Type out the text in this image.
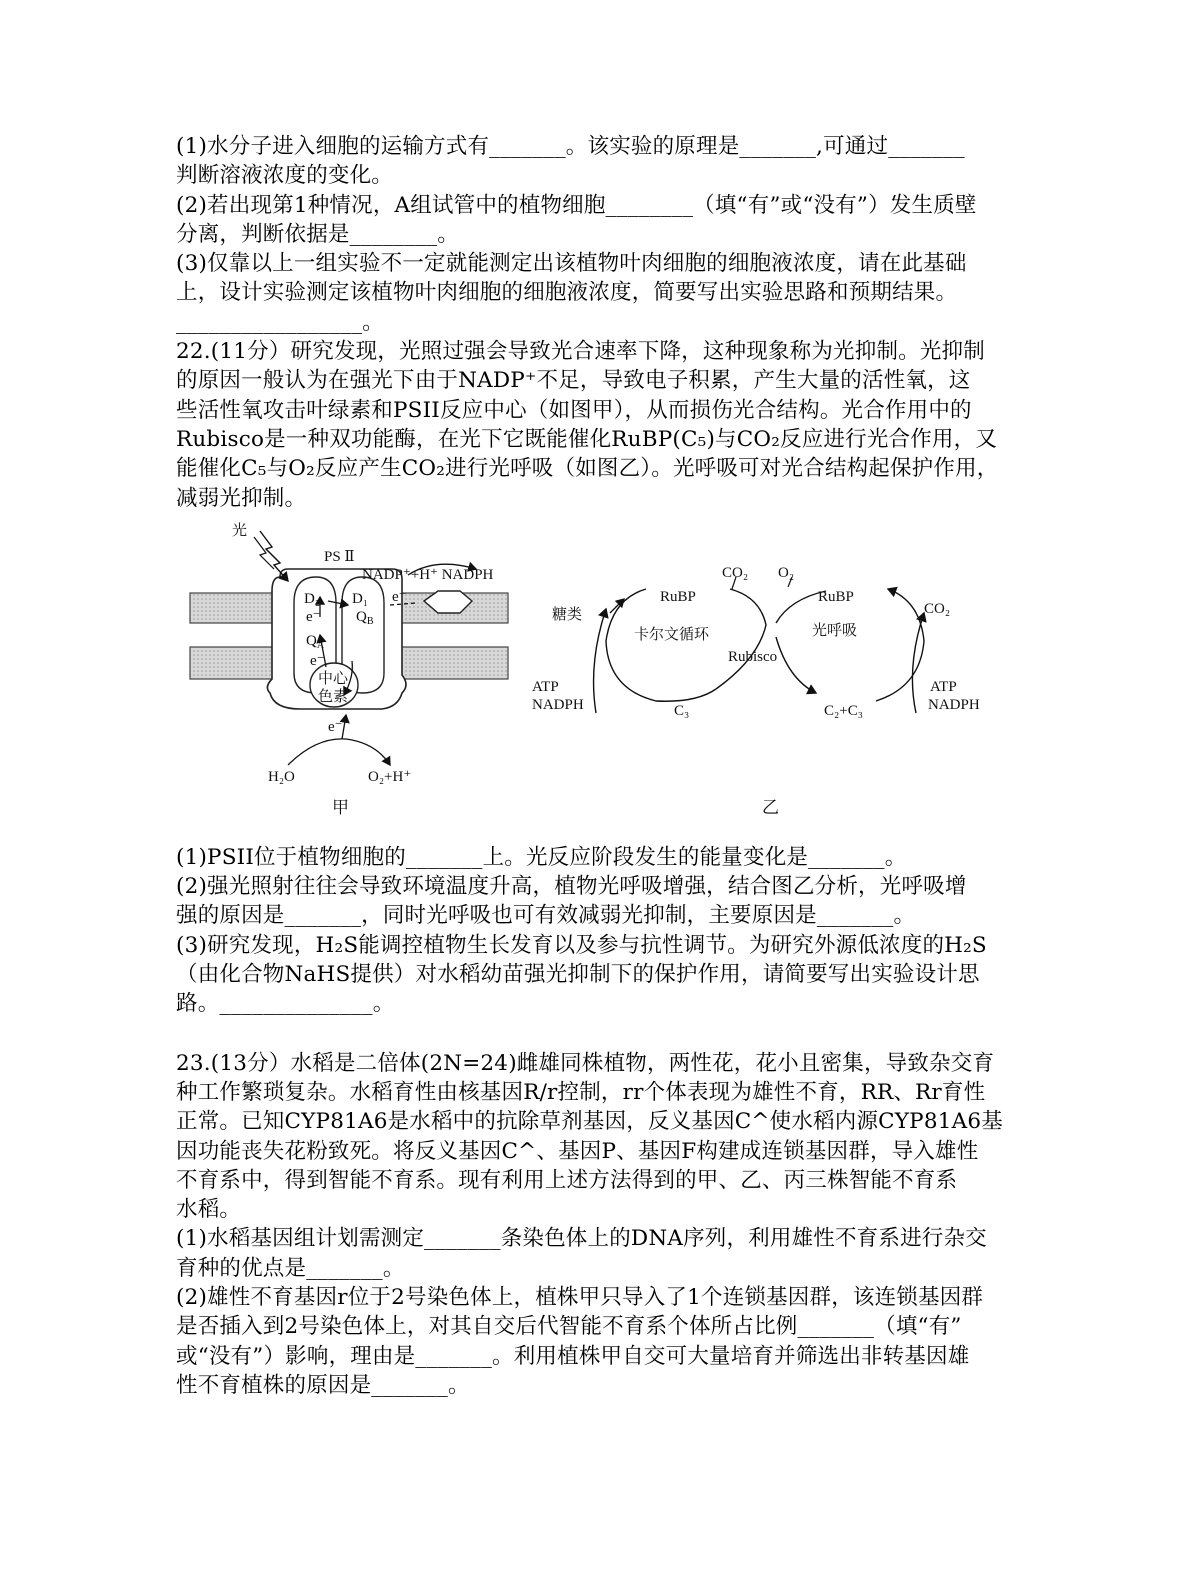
(1)水分子进入细胞的运输方式有_______。该实验的原理是_______,可通过_______

判断溶液浓度的变化。

(2)若出现第1种情况，A组试管中的植物细胞________（填“有”或“没有”）发生质壁

分离，判断依据是________。

(3)仅靠以上一组实验不一定就能测定出该植物叶肉细胞的细胞液浓度，请在此基础

上，设计实验测定该植物叶肉细胞的细胞液浓度，简要写出实验思路和预期结果。

_________________。

22.(11分）研究发现，光照过强会导致光合速率下降，这种现象称为光抑制。光抑制

的原因一般认为在强光下由于NADP⁺不足，导致电子积累，产生大量的活性氧，这

些活性氧攻击叶绿素和PSII反应中心（如图甲），从而损伤光合结构。光合作用中的

Rubisco是一种双功能酶，在光下它既能催化RuBP(C₅)与CO₂反应进行光合作用，又

能催化C₅与O₂反应产生CO₂进行光呼吸（如图乙）。光呼吸可对光合结构起保护作用，

减弱光抑制。

光
PS Ⅱ
NADP⁺+H⁺ NADPH
D₂ D₁
e⁻ $Q_B$
e⁻
$Q_A$
e⁻
中心
色素
e⁻
H₂O	O₂+H⁺
甲
糖类
RuBP
CO₂ O₂
RuBP
CO₂
卡尔文循环	光呼吸
Rubisco
ATP
NADPH	C₃	C₂+C₃
ATP
NADPH
乙

(1)PSII位于植物细胞的_______上。光反应阶段发生的能量变化是_______。

(2)强光照射往往会导致环境温度升高，植物光呼吸增强，结合图乙分析，光呼吸增

强的原因是_______，同时光呼吸也可有效减弱光抑制，主要原因是_______。

(3)研究发现，H₂S能调控植物生长发育以及参与抗性调节。为研究外源低浓度的H₂S

（由化合物NaHS提供）对水稻幼苗强光抑制下的保护作用，请简要写出实验设计思

路。______________。

23.(13分）水稻是二倍体(2N=24)雌雄同株植物，两性花，花小且密集，导致杂交育

种工作繁琐复杂。水稻育性由核基因R/r控制，rr个体表现为雄性不育，RR、Rr育性

正常。已知CYP81A6是水稻中的抗除草剂基因，反义基因C^使水稻内源CYP81A6基

因功能丧失花粉致死。将反义基因C^、基因P、基因F构建成连锁基因群，导入雄性

不育系中，得到智能不育系。现有利用上述方法得到的甲、乙、丙三株智能不育系

水稻。

(1)水稻基因组计划需测定_______条染色体上的DNA序列，利用雄性不育系进行杂交

育种的优点是_______。

(2)雄性不育基因r位于2号染色体上，植株甲只导入了1个连锁基因群，该连锁基因群

是否插入到2号染色体上，对其自交后代智能不育系个体所占比例_______（填“有”

或“没有”）影响，理由是_______。利用植株甲自交可大量培育并筛选出非转基因雄

性不育植株的原因是_______。
